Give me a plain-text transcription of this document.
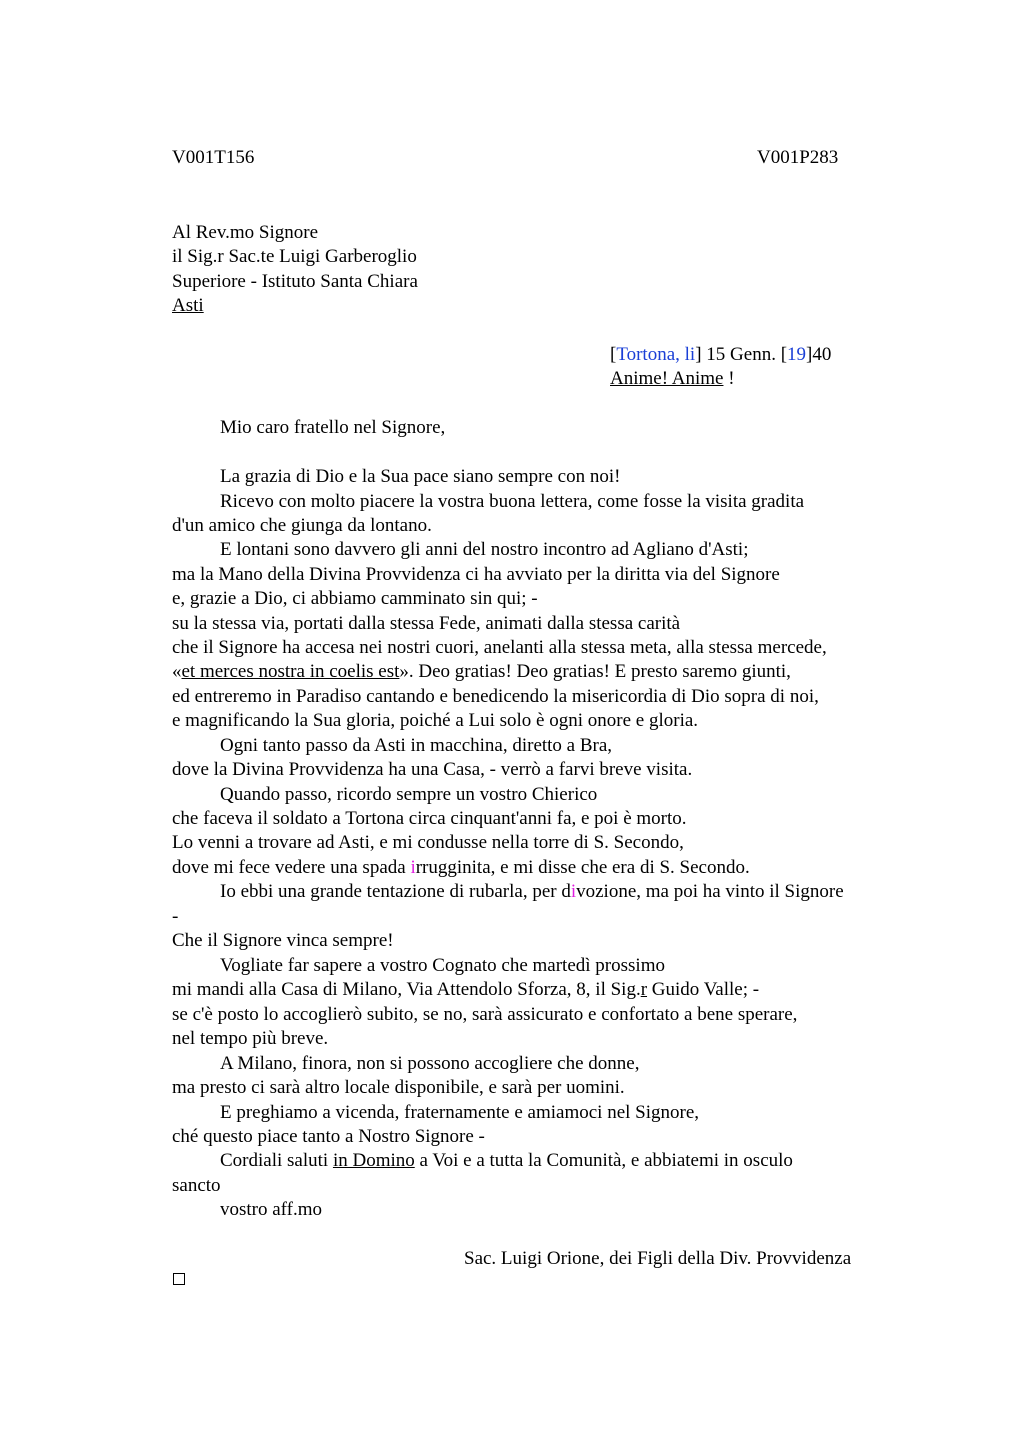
V001T156	V001P283
Al Rev.mo Signore
il Sig.r Sac.te Luigi Garberoglio
Superiore - Istituto Santa Chiara
Asti
[Tortona, li] 15 Genn. [19]40
Anime! Anime !
Mio caro fratello nel Signore,
La grazia di Dio e la Sua pace siano sempre con noi!
Ricevo con molto piacere la vostra buona lettera, come fosse la visita gradita
d'un amico che giunga da lontano.
E lontani sono davvero gli anni del nostro incontro ad Agliano d'Asti;
ma la Mano della Divina Provvidenza ci ha avviato per la diritta via del Signore
e, grazie a Dio, ci abbiamo camminato sin qui; -
su la stessa via, portati dalla stessa Fede, animati dalla stessa carità
che il Signore ha accesa nei nostri cuori, anelanti alla stessa meta, alla stessa mercede,
«et merces nostra in coelis est». Deo gratias! Deo gratias! E presto saremo giunti,
ed entreremo in Paradiso cantando e benedicendo la misericordia di Dio sopra di noi,
e magnificando la Sua gloria, poiché a Lui solo è ogni onore e gloria.
Ogni tanto passo da Asti in macchina, diretto a Bra,
dove la Divina Provvidenza ha una Casa, - verrò a farvi breve visita.
Quando passo, ricordo sempre un vostro Chierico
che faceva il soldato a Tortona circa cinquant'anni fa, e poi è morto.
Lo venni a trovare ad Asti, e mi condusse nella torre di S. Secondo,
dove mi fece vedere una spada irrugginita, e mi disse che era di S. Secondo.
Io ebbi una grande tentazione di rubarla, per divozione, ma poi ha vinto il Signore
-
Che il Signore vinca sempre!
Vogliate far sapere a vostro Cognato che martedì prossimo
mi mandi alla Casa di Milano, Via Attendolo Sforza, 8, il Sig.r Guido Valle; -
se c'è posto lo accoglierò subito, se no, sarà assicurato e confortato a bene sperare,
nel tempo più breve.
A Milano, finora, non si possono accogliere che donne,
ma presto ci sarà altro locale disponibile, e sarà per uomini.
E preghiamo a vicenda, fraternamente e amiamoci nel Signore,
ché questo piace tanto a Nostro Signore -
Cordiali saluti in Domino a Voi e a tutta la Comunità, e abbiatemi in osculo
sancto
vostro aff.mo
Sac. Luigi Orione, dei Figli della Div. Provvidenza
